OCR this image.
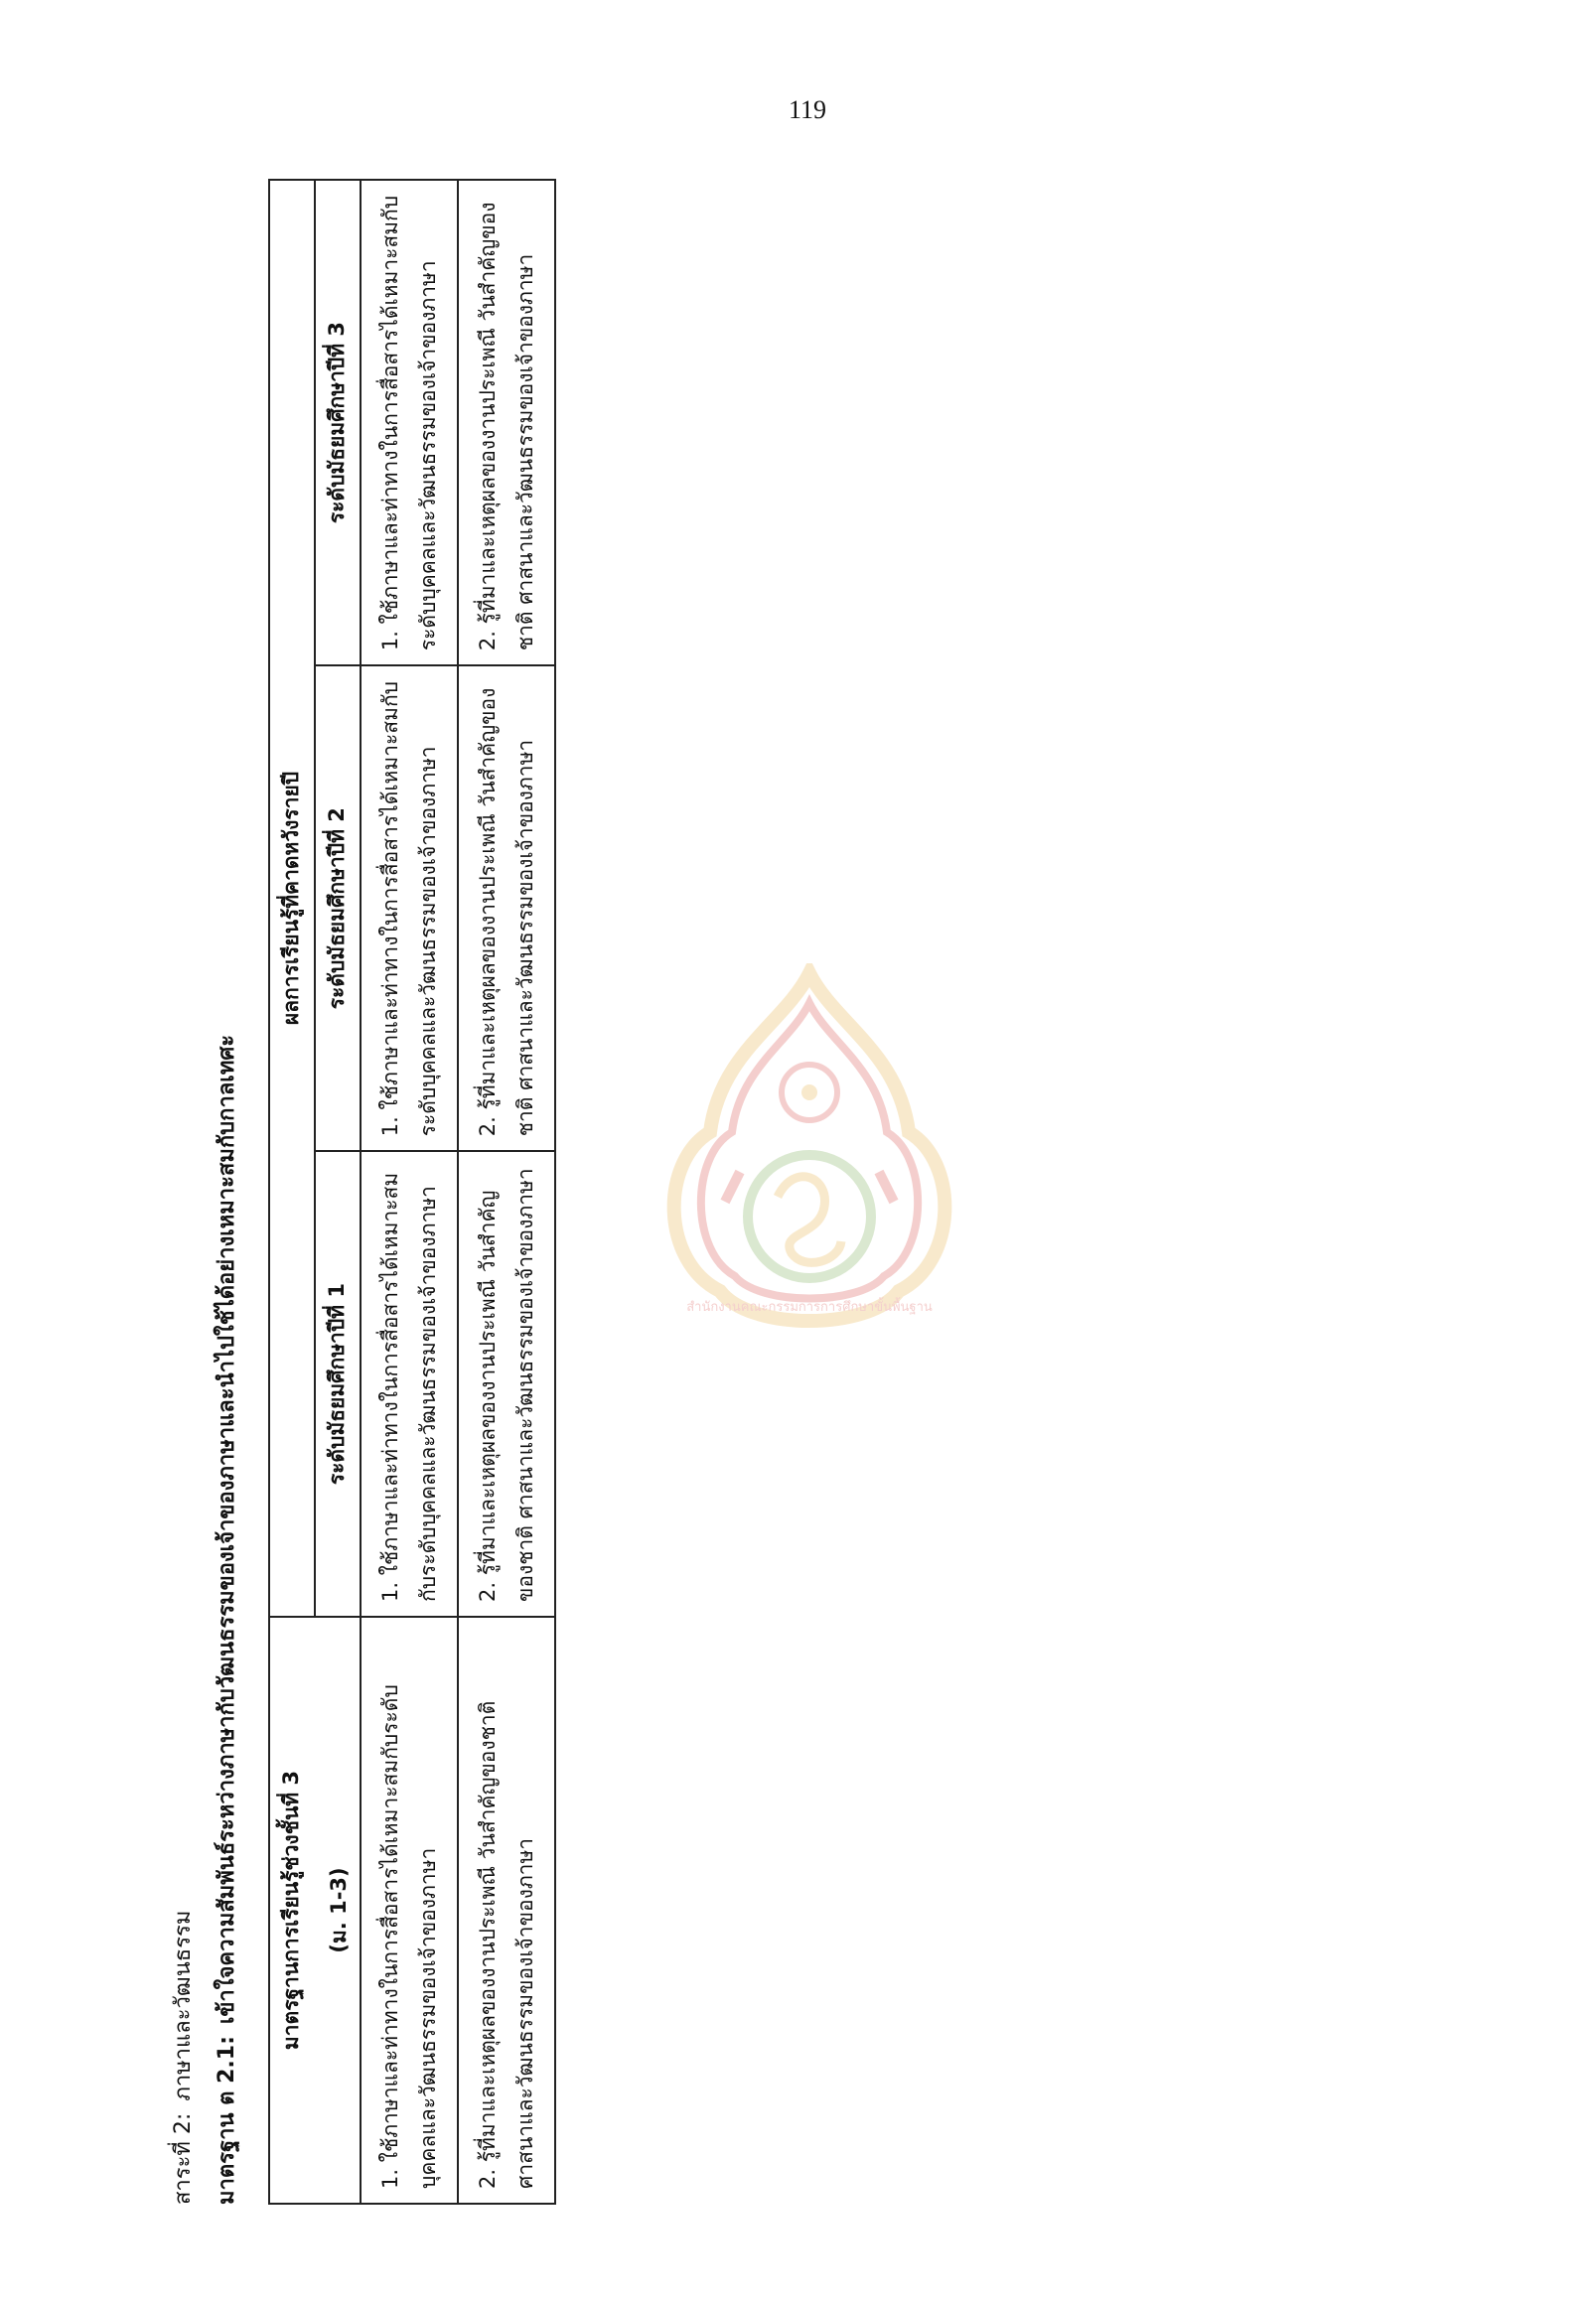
119
สำนักงานคณะกรรมการการศึกษาขั้นพื้นฐาน

สาระที่ 2:
ภาษาและวัฒนธรรม

มาตรฐาน ต 2.1:
เข้าใจความสัมพันธ์ระหว่างภาษากับวัฒนธรรมของเจ้าของภาษาและนำไปใช้ได้อย่างเหมาะสมกับกาลเทศะ มาตรฐานการเรียนรู้ช่วงชั้นที่ 3 (ม. 1-3)	ผลการเรียนรู้ที่คาดหวังรายปี		
	ระดับมัธยมศึกษาปีที่ 1	ระดับมัธยมศึกษาปีที่ 2	ระดับมัธยมศึกษาปีที่ 3
1. ใช้ภาษาและท่าทางในการสื่อสารได้เหมาะสมกับระดับบุคคลและวัฒนธรรมของเจ้าของภาษา	1. ใช้ภาษาและท่าทางในการสื่อสารได้เหมาะสมกับระดับบุคคลและวัฒนธรรมของเจ้าของภาษา	1. ใช้ภาษาและท่าทางในการสื่อสารได้เหมาะสมกับระดับบุคคลและวัฒนธรรมของเจ้าของภาษา	1. ใช้ภาษาและท่าทางในการสื่อสารได้เหมาะสมกับระดับบุคคลและวัฒนธรรมของเจ้าของภาษา
2. รู้ที่มาและเหตุผลของงานประเพณี วันสำคัญของชาติ ศาสนาและวัฒนธรรมของเจ้าของภาษา	2. รู้ที่มาและเหตุผลของงานประเพณี วันสำคัญของชาติ ศาสนาและวัฒนธรรมของเจ้าของภาษา	2. รู้ที่มาและเหตุผลของงานประเพณี วันสำคัญของชาติ ศาสนาและวัฒนธรรมของเจ้าของภาษา	2. รู้ที่มาและเหตุผลของงานประเพณี วันสำคัญของชาติ ศาสนาและวัฒนธรรมของเจ้าของภาษา
